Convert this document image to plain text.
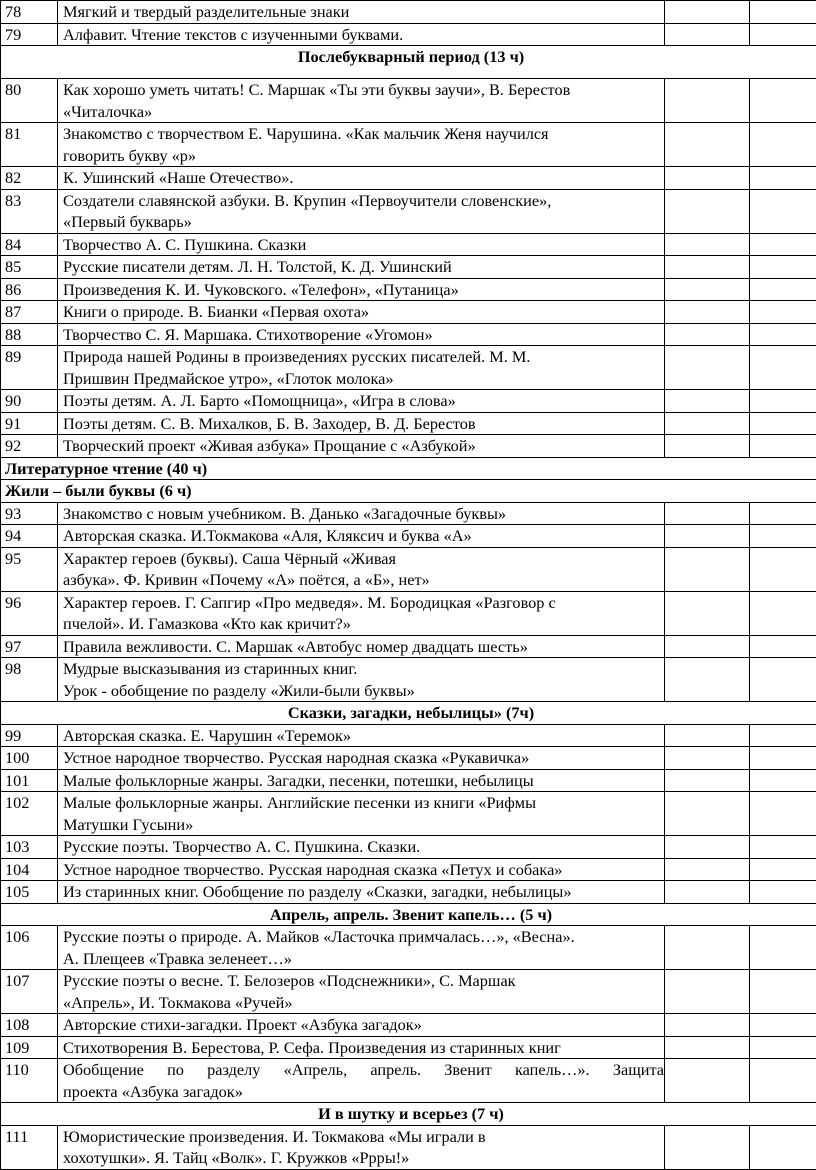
78	Мягкий и твердый разделительные знаки		

79	Алфавит. Чтение текстов с изученными буквами.		

Послебукварный период (13 ч)			
80	Как хорошо уметь читать! С. Маршак «Ты эти буквы заучи», В. Берестов
«Читалочка»		

81	Знакомство с творчеством Е. Чарушина. «Как мальчик Женя научился
говорить букву «р»		

82	К. Ушинский «Наше Отечество».		

83	Создатели славянской азбуки. В. Крупин «Первоучители словенские»,
«Первый букварь»		

84	Творчество А. С. Пушкина. Сказки		

85	Русские писатели детям. Л. Н. Толстой, К. Д. Ушинский		

86	Произведения К. И. Чуковского. «Телефон», «Путаница»		

87	Книги о природе. В. Бианки «Первая охота»		

88	Творчество С. Я. Маршака. Стихотворение «Угомон»		

89	Природа нашей Родины в произведениях русских писателей. М. М.
Пришвин Предмайское утро», «Глоток молока»		

90	Поэты детям. А. Л. Барто «Помощница», «Игра в слова»		

91	Поэты детям. С. В. Михалков, Б. В. Заходер, В. Д. Берестов		

92	Творческий проект «Живая азбука» Прощание с «Азбукой»		

Литературное чтение (40 ч)			
Жили – были буквы (6 ч)			
93	Знакомство с новым учебником. В. Данько «Загадочные буквы»		

94	Авторская сказка. И.Токмакова «Аля, Кляксич и буква «А»		

95	Характер героев (буквы). Саша Чёрный «Живая
азбука». Ф. Кривин «Почему «А» поётся, а «Б», нет»		

96	Характер героев. Г. Сапгир «Про медведя». М. Бородицкая «Разговор с
пчелой». И. Гамазкова «Кто как кричит?»		

97	Правила вежливости. С. Маршак «Автобус номер двадцать шесть»		

98	Мудрые высказывания из старинных книг.
Урок - обобщение по разделу «Жили-были буквы»		

Сказки, загадки, небылицы» (7ч)			
99	Авторская сказка. Е. Чарушин «Теремок»		

100	Устное народное творчество. Русская народная сказка «Рукавичка»		

101	Малые фольклорные жанры. Загадки, песенки, потешки, небылицы		

102	Малые фольклорные жанры. Английские песенки из книги «Рифмы
Матушки Гусыни»		

103	Русские поэты. Творчество А. С. Пушкина. Сказки.		

104	Устное народное творчество. Русская народная сказка «Петух и собака»		

105	Из старинных книг. Обобщение по разделу «Сказки, загадки, небылицы»		

Апрель, апрель. Звенит капель… (5 ч)			
106	Русские поэты о природе. А. Майков «Ласточка примчалась…», «Весна».
А. Плещеев «Травка зеленеет…»		

107	Русские поэты о весне. Т. Белозеров «Подснежники», С. Маршак
«Апрель», И. Токмакова «Ручей»		

108	Авторские стихи-загадки. Проект «Азбука загадок»		

109	Стихотворения В. Берестова, Р. Сефа. Произведения из старинных книг		

110	Обобщение по разделу «Апрель, апрель. Звенит капель…». Защита
проекта «Азбука загадок»		

И в шутку и всерьез (7 ч)			
111	Юмористические произведения. И. Токмакова «Мы играли в
хохотушки». Я. Тайц «Волк». Г. Кружков «Ррры!»		
